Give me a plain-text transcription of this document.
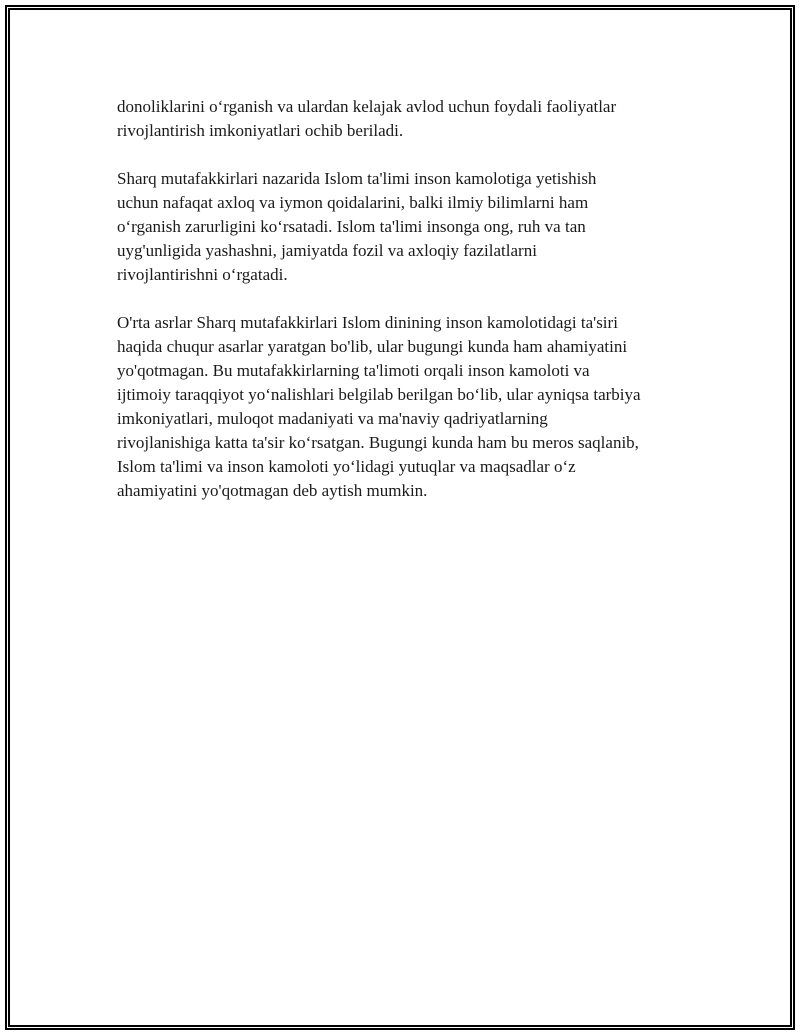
donoliklarini o‘rganish va ulardan kelajak avlod uchun foydali faoliyatlar
rivojlantirish imkoniyatlari ochib beriladi.

Sharq mutafakkirlari nazarida Islom ta'limi inson kamolotiga yetishish
uchun nafaqat axloq va iymon qoidalarini, balki ilmiy bilimlarni ham
o‘rganish zarurligini ko‘rsatadi. Islom ta'limi insonga ong, ruh va tan
uyg'unligida yashashni, jamiyatda fozil va axloqiy fazilatlarni
rivojlantirishni o‘rgatadi.

O'rta asrlar Sharq mutafakkirlari Islom dinining inson kamolotidagi ta'siri
haqida chuqur asarlar yaratgan bo'lib, ular bugungi kunda ham ahamiyatini
yo'qotmagan. Bu mutafakkirlarning ta'limoti orqali inson kamoloti va
ijtimoiy taraqqiyot yo‘nalishlari belgilab berilgan bo‘lib, ular ayniqsa tarbiya
imkoniyatlari, muloqot madaniyati va ma'naviy qadriyatlarning
rivojlanishiga katta ta'sir ko‘rsatgan. Bugungi kunda ham bu meros saqlanib,
Islom ta'limi va inson kamoloti yo‘lidagi yutuqlar va maqsadlar o‘z
ahamiyatini yo'qotmagan deb aytish mumkin.
